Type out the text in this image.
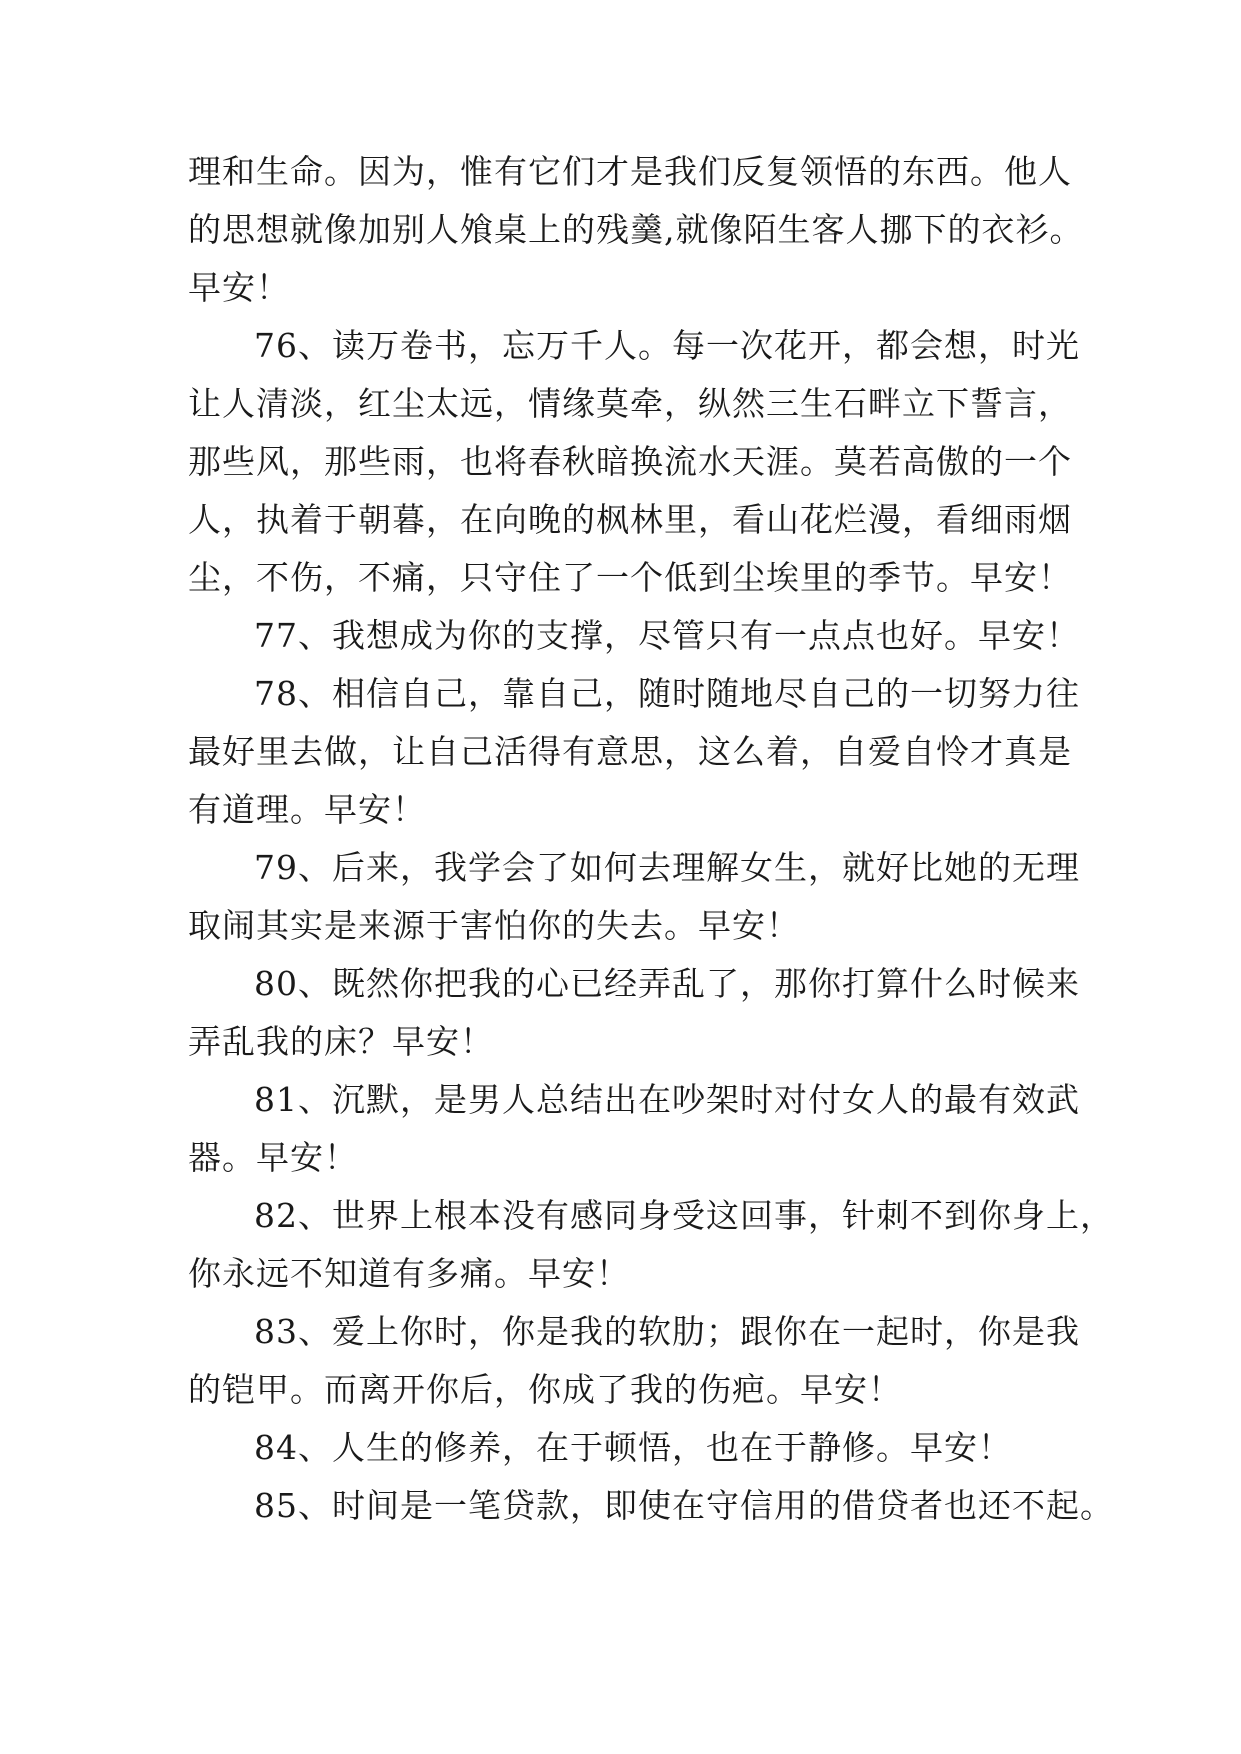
理和生命。因为，惟有它们才是我们反复领悟的东西。他人

的思想就像加别人飧桌上的残羹,就像陌生客人挪下的衣衫。

早安！

76、读万卷书，忘万千人。每一次花开，都会想，时光

让人清淡，红尘太远，情缘莫牵，纵然三生石畔立下誓言，

那些风，那些雨，也将春秋暗换流水天涯。莫若高傲的一个

人，执着于朝暮，在向晚的枫林里，看山花烂漫，看细雨烟

尘，不伤，不痛，只守住了一个低到尘埃里的季节。早安！

77、我想成为你的支撑，尽管只有一点点也好。早安！

78、相信自己，靠自己，随时随地尽自己的一切努力往

最好里去做，让自己活得有意思，这么着，自爱自怜才真是

有道理。早安！

79、后来，我学会了如何去理解女生，就好比她的无理

取闹其实是来源于害怕你的失去。早安！

80、既然你把我的心已经弄乱了，那你打算什么时候来

弄乱我的床？早安！

81、沉默，是男人总结出在吵架时对付女人的最有效武

器。早安！

82、世界上根本没有感同身受这回事，针刺不到你身上，

你永远不知道有多痛。早安！

83、爱上你时，你是我的软肋；跟你在一起时，你是我

的铠甲。而离开你后，你成了我的伤疤。早安！

84、人生的修养，在于顿悟，也在于静修。早安！

85、时间是一笔贷款，即使在守信用的借贷者也还不起。
